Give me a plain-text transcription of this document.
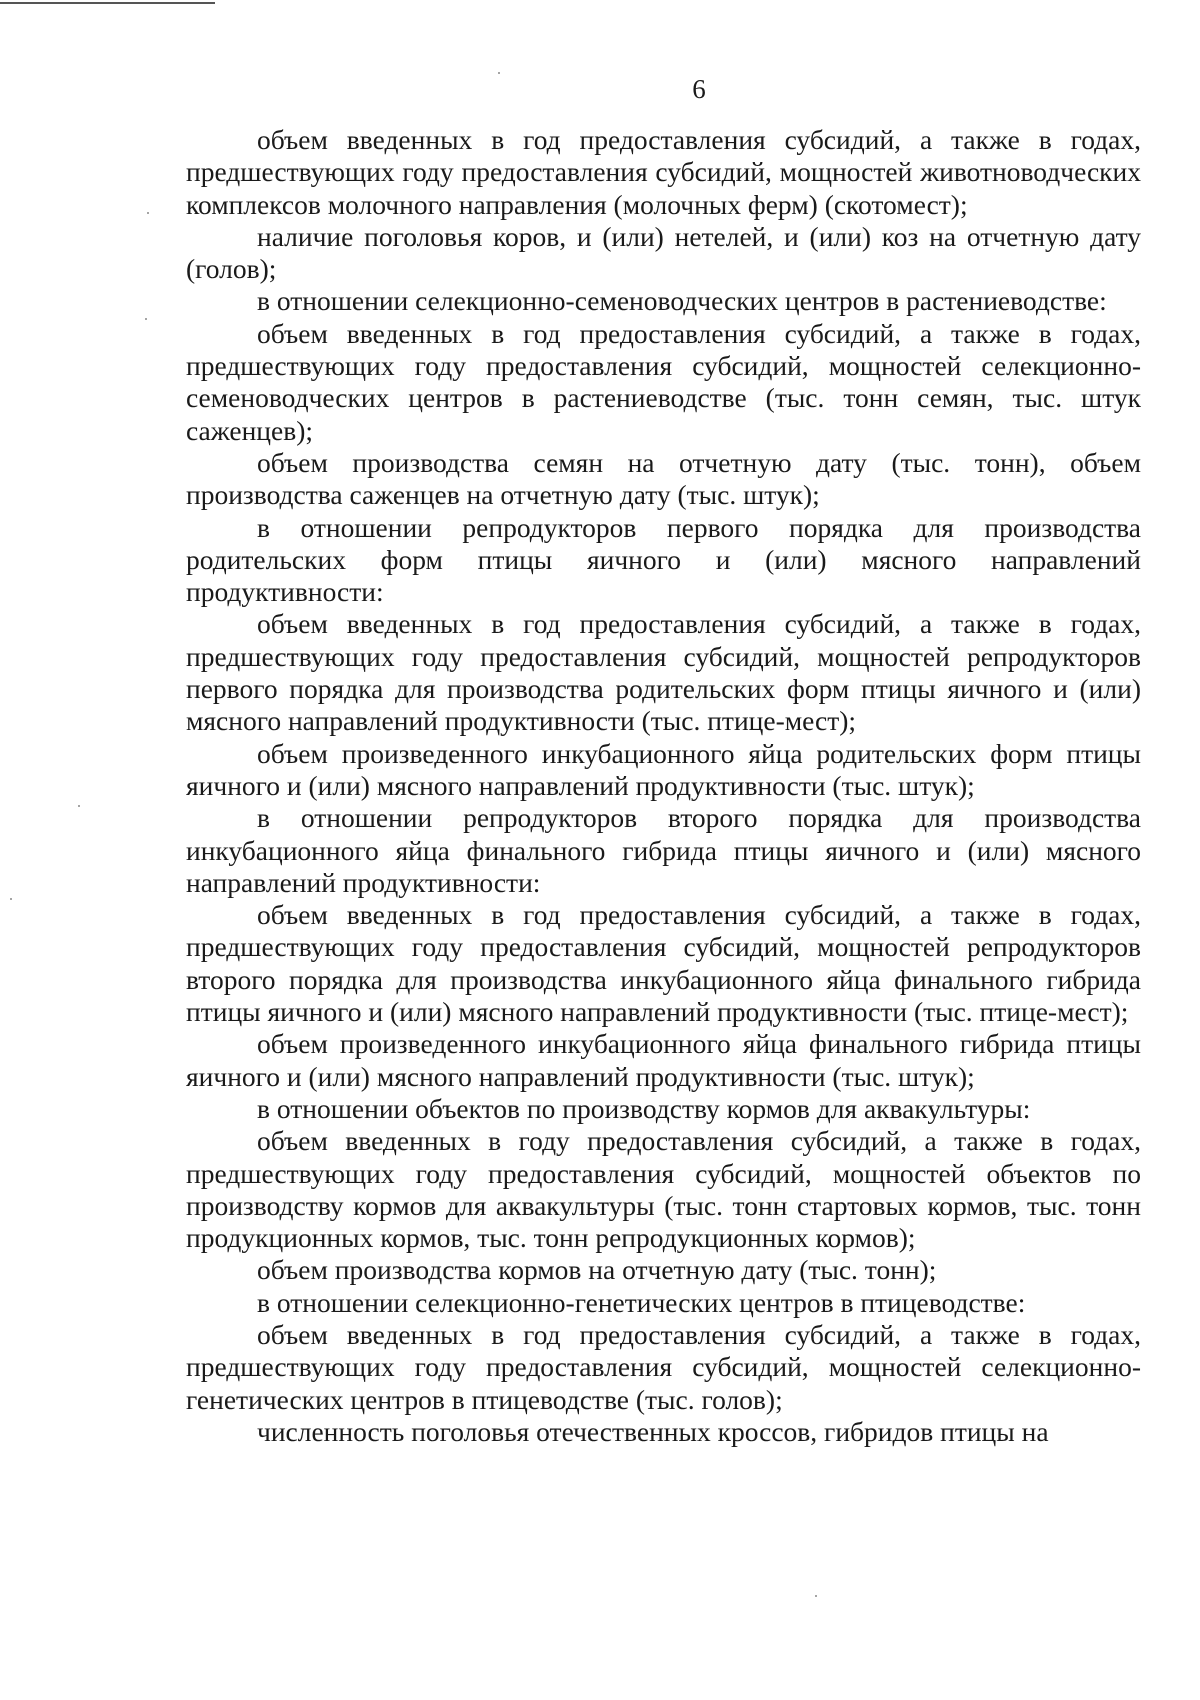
6

объем введенных в год предоставления субсидий, а также в годах, предшествующих году предоставления субсидий, мощностей животноводческих комплексов молочного направления (молочных ферм) (скотомест);

наличие поголовья коров, и (или) нетелей, и (или) коз на отчетную дату (голов);

в отношении селекционно-семеноводческих центров в растениеводстве:

объем введенных в год предоставления субсидий, а также в годах, предшествующих году предоставления субсидий, мощностей селекционно-семеноводческих центров в растениеводстве (тыс. тонн семян, тыс. штук саженцев);

объем производства семян на отчетную дату (тыс. тонн), объем производства саженцев на отчетную дату (тыс. штук);

в отношении репродукторов первого порядка для производства родительских форм птицы яичного и (или) мясного направлений продуктивности:

объем введенных в год предоставления субсидий, а также в годах, предшествующих году предоставления субсидий, мощностей репродукторов первого порядка для производства родительских форм птицы яичного и (или) мясного направлений продуктивности (тыс. птице-мест);

объем произведенного инкубационного яйца родительских форм птицы яичного и (или) мясного направлений продуктивности (тыс. штук);

в отношении репродукторов второго порядка для производства инкубационного яйца финального гибрида птицы яичного и (или) мясного направлений продуктивности:

объем введенных в год предоставления субсидий, а также в годах, предшествующих году предоставления субсидий, мощностей репродукторов второго порядка для производства инкубационного яйца финального гибрида птицы яичного и (или) мясного направлений продуктивности (тыс. птице-мест);

объем произведенного инкубационного яйца финального гибрида птицы яичного и (или) мясного направлений продуктивности (тыс. штук);

в отношении объектов по производству кормов для аквакультуры:

объем введенных в году предоставления субсидий, а также в годах, предшествующих году предоставления субсидий, мощностей объектов по производству кормов для аквакультуры (тыс. тонн стартовых кормов, тыс. тонн продукционных кормов, тыс. тонн репродукционных кормов);

объем производства кормов на отчетную дату (тыс. тонн);

в отношении селекционно-генетических центров в птицеводстве:

объем введенных в год предоставления субсидий, а также в годах, предшествующих году предоставления субсидий, мощностей селекционно-генетических центров в птицеводстве (тыс. голов);

численность поголовья отечественных кроссов, гибридов птицы на
